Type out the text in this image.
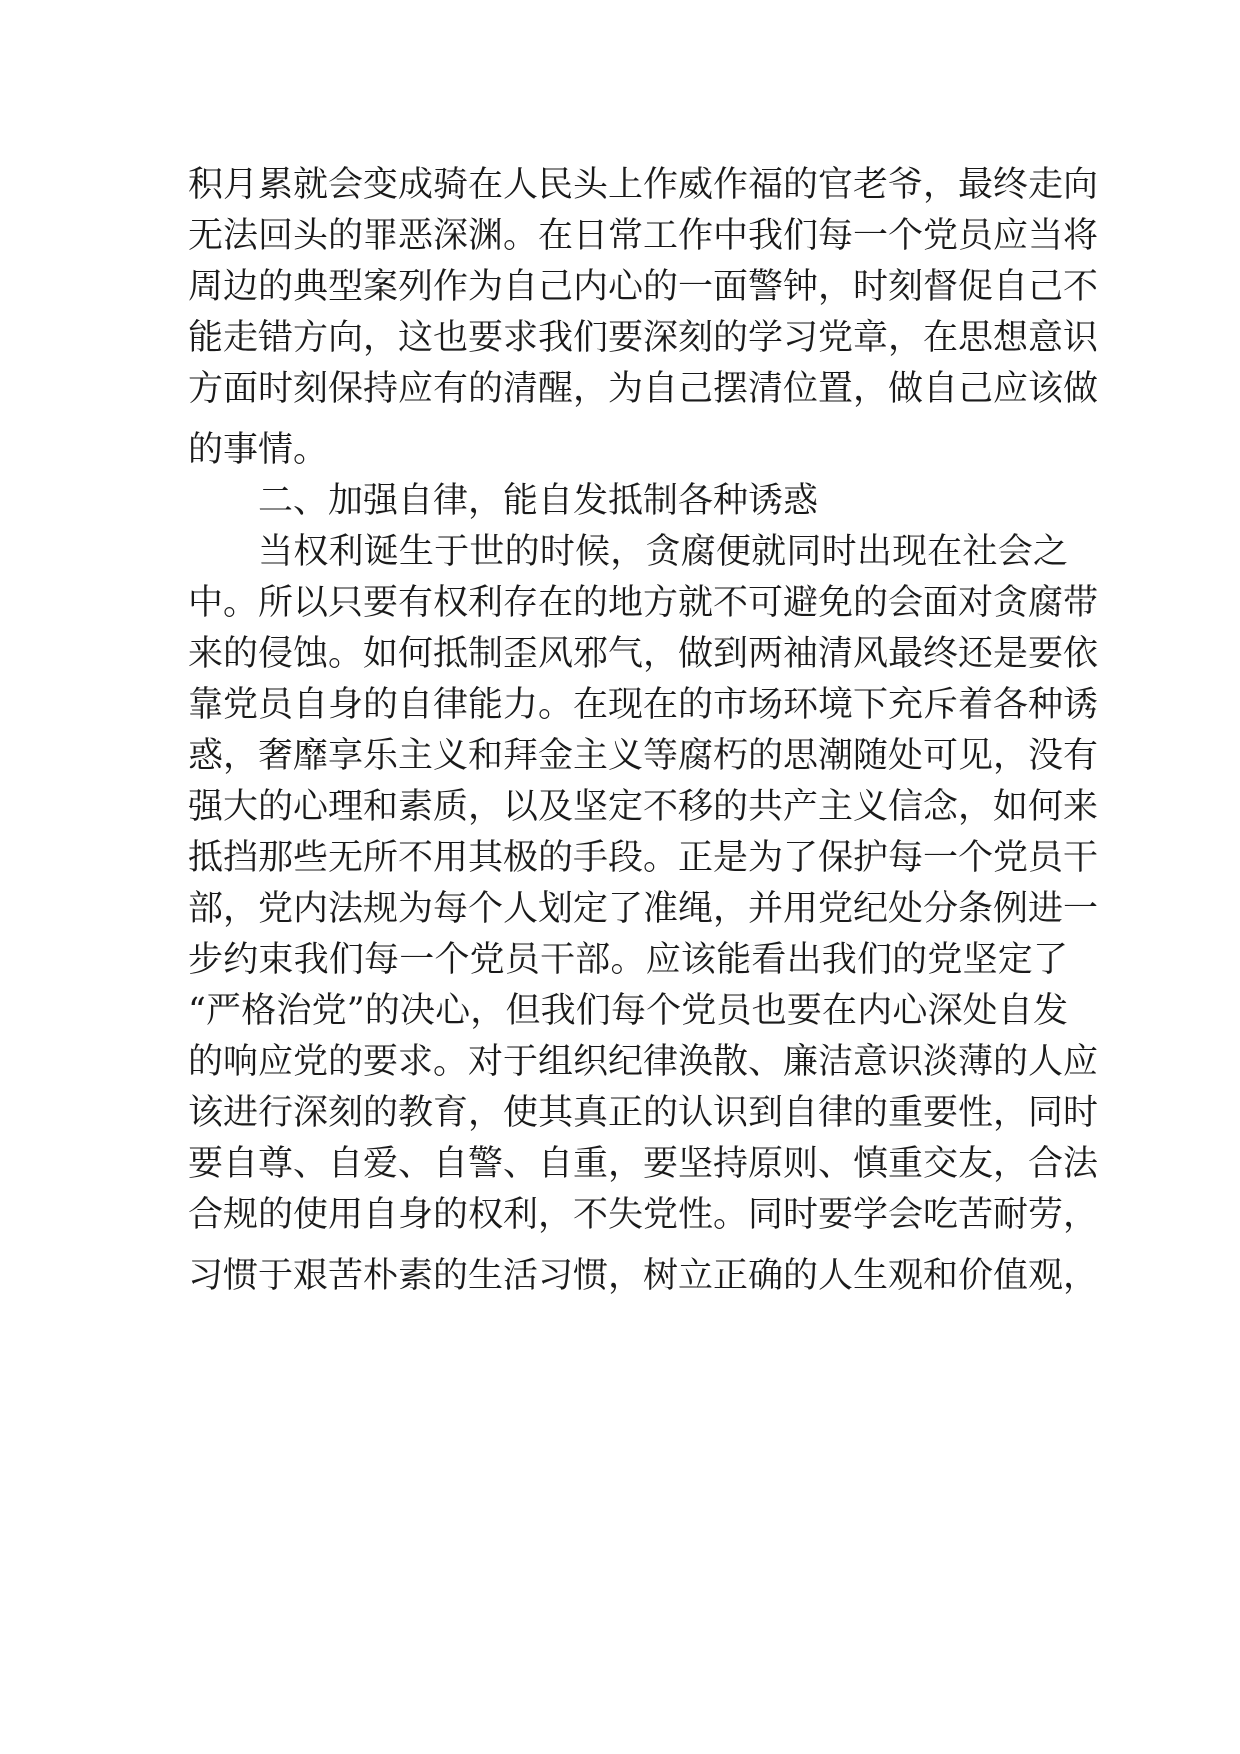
积月累就会变成骑在人民头上作威作福的官老爷，最终走向
无法回头的罪恶深渊。在日常工作中我们每一个党员应当将
周边的典型案列作为自己内心的一面警钟，时刻督促自己不
能走错方向，这也要求我们要深刻的学习党章，在思想意识
方面时刻保持应有的清醒，为自己摆清位置，做自己应该做
的事情。
二、加强自律，能自发抵制各种诱惑
当权利诞生于世的时候，贪腐便就同时出现在社会之
中。所以只要有权利存在的地方就不可避免的会面对贪腐带
来的侵蚀。如何抵制歪风邪气，做到两袖清风最终还是要依
靠党员自身的自律能力。在现在的市场环境下充斥着各种诱
惑，奢靡享乐主义和拜金主义等腐朽的思潮随处可见，没有
强大的心理和素质，以及坚定不移的共产主义信念，如何来
抵挡那些无所不用其极的手段。正是为了保护每一个党员干
部，党内法规为每个人划定了准绳，并用党纪处分条例进一
步约束我们每一个党员干部。应该能看出我们的党坚定了
“严格治党”的决心，但我们每个党员也要在内心深处自发
的响应党的要求。对于组织纪律涣散、廉洁意识淡薄的人应
该进行深刻的教育，使其真正的认识到自律的重要性，同时
要自尊、自爱、自警、自重，要坚持原则、慎重交友，合法
合规的使用自身的权利，不失党性。同时要学会吃苦耐劳，
习惯于艰苦朴素的生活习惯，树立正确的人生观和价值观，
